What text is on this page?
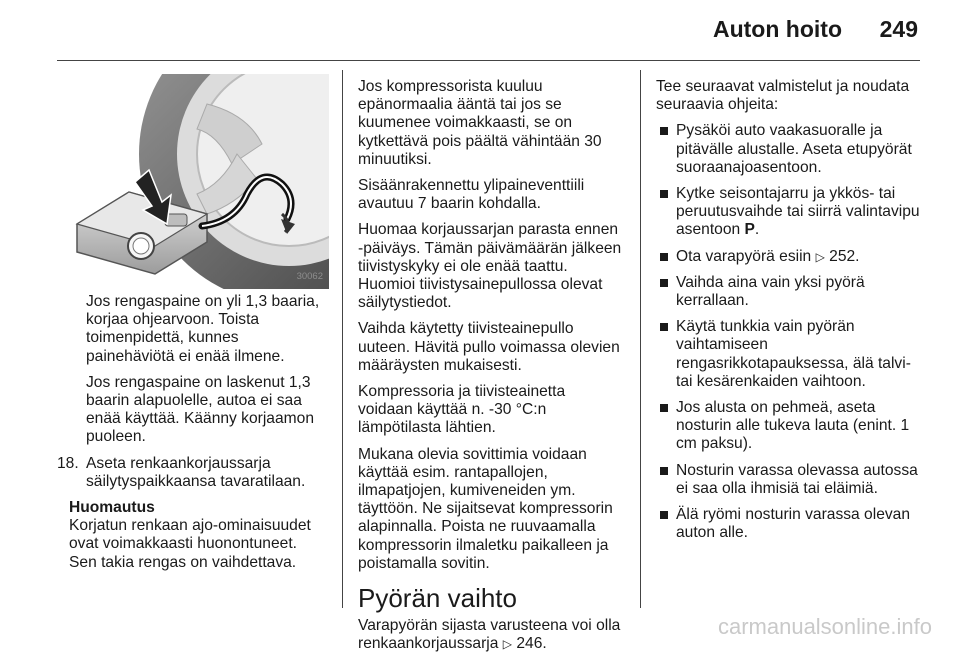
Auton hoito 249
30062

Jos rengaspaine on yli 1,3 baaria, korjaa ohjearvoon. Toista toimenpidettä, kunnes painehäviötä ei enää ilmene.

Jos rengaspaine on laskenut 1,3 baarin alapuolelle, autoa ei saa enää käyttää. Käänny korjaamon puoleen.

18. Aseta renkaankorjaussarja säilytyspaikkaansa tavaratilaan.
Huomautus
Korjatun renkaan ajo-ominaisuudet ovat voimakkaasti huonontuneet. Sen takia rengas on vaihdettava.

Jos kompressorista kuuluu epänormaalia ääntä tai jos se kuumenee voimakkaasti, se on kytkettävä pois päältä vähintään 30 minuutiksi.

Sisäänrakennettu ylipaineventtiili avautuu 7 baarin kohdalla.

Huomaa korjaussarjan parasta ennen -päiväys. Tämän päivämäärän jälkeen tiivistyskyky ei ole enää taattu. Huomioi tiivistysainepullossa olevat säilytystiedot.

Vaihda käytetty tiivisteainepullo uuteen. Hävitä pullo voimassa olevien määräysten mukaisesti.

Kompressoria ja tiivisteainetta voidaan käyttää n. -30 °C:n lämpötilasta lähtien.

Mukana olevia sovittimia voidaan käyttää esim. rantapallojen, ilmapatjojen, kumiveneiden ym. täyttöön. Ne sijaitsevat kompressorin alapinnalla. Poista ne ruuvaamalla kompressorin ilmaletku paikalleen ja poistamalla sovitin.

Pyörän vaihto

Varapyörän sijasta varusteena voi olla renkaankorjaussarja ▷ 246.

Tee seuraavat valmistelut ja noudata seuraavia ohjeita:

Pysäköi auto vaakasuoralle ja pitävälle alustalle. Aseta etupyörät suoraanajoasentoon.
Kytke seisontajarru ja ykkös- tai peruutusvaihde tai siirrä valintavipu asentoon P.
Ota varapyörä esiin ▷ 252.
Vaihda aina vain yksi pyörä kerrallaan.
Käytä tunkkia vain pyörän vaihtamiseen rengasrikkotapauksessa, älä talvi- tai kesärenkaiden vaihtoon.
Jos alusta on pehmeä, aseta nosturin alle tukeva lauta (enint. 1 cm paksu).
Nosturin varassa olevassa autossa ei saa olla ihmisiä tai eläimiä.
Älä ryömi nosturin varassa olevan auton alle.
carmanualsonline.info
